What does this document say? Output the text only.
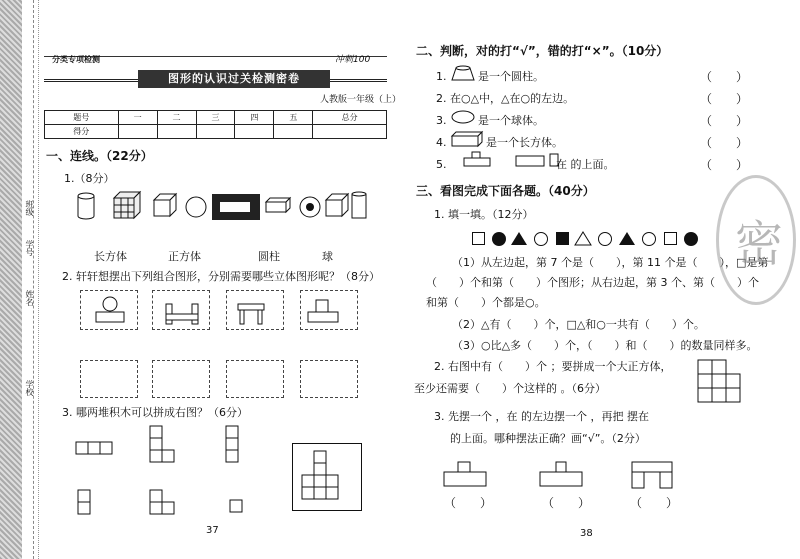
学校
姓名
学号
班级
分类专项检测	冲刺100
图形的认识过关检测密卷
人教版一年级（上）
题号	一	二	三	四	五	总分
得分						
一、连线。（22分）
1.（8分）
长方体	正方体	圆柱	球
2. 轩轩想摆出下列组合图形，分别需要哪些立体图形呢？（8分）
3. 哪两堆积木可以拼成右图？（6分）
37
二、判断，对的打“√”，错的打“×”。（10分）
1.	是一个圆柱。	（　　）
2. 在○△中，△在○的左边。	（　　）
3.	是一个球体。	（　　）
4.	是一个长方体。	（　　）
5.	在 的上面。	（　　）
三、看图完成下面各题。（40分）
1. 填一填。（12分）
（1）从左边起，第 7 个是（　　），第 11 个是（　　），□是第
（　　）个和第（　　）个图形；从右边起，第 3 个、第（　　）个
和第（　　）个都是○。
（2）△有（　　）个，□△和○一共有（　　）个。
（3）○比△多（　　）个，（　　）和（　　）的数量同样多。
2. 右图中有（　　）个 ；要拼成一个大正方体，
至少还需要（　　）个这样的 。（6分）
3. 先摆一个 ，在 的左边摆一个 ，再把 摆在
的上面。哪种摆法正确？画“√”。（2分）
（　　）	（　　）	（　　）
38
密
